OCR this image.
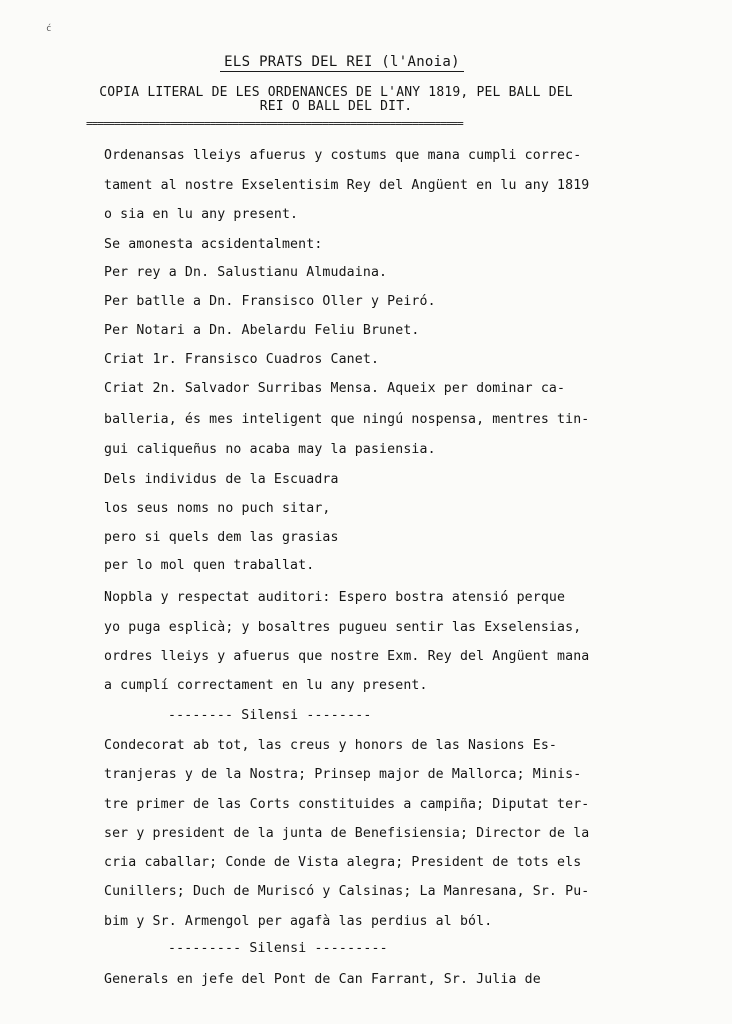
ć
ELS PRATS DEL REI (l'Anoia)
COPIA LITERAL DE LES ORDENANCES DE L'ANY 1819, PEL BALL DEL REI O BALL DEL DIT.
===================================================================
Ordenansas lleiys afuerus y costums que mana cumpli correc-
tament al nostre Exselentisim Rey del Angüent en lu any 1819
o sia en lu any present.
Se amonesta acsidentalment:
Per rey a Dn. Salustianu Almudaina.
Per batlle a Dn. Fransisco Oller y Peiró.
Per Notari a Dn. Abelardu Feliu Brunet.
Criat 1r. Fransisco Cuadros Canet.
Criat 2n. Salvador Surribas Mensa. Aqueix per dominar ca-
balleria, és mes inteligent que ningú nospensa, mentres tin-
gui caliqueñus no acaba may la pasiensia.
Dels individus de la Escuadra
los seus noms no puch sitar,
pero si quels dem las grasias
per lo mol quen traballat.
Nopbla y respectat auditori: Espero bostra atensió perque
yo puga esplicà; y bosaltres pugueu sentir las Exselensias,
ordres lleiys y afuerus que nostre Exm. Rey del Angüent mana
a cumplí correctament en lu any present.
-------- Silensi --------
Condecorat ab tot, las creus y honors de las Nasions Es-
tranjeras y de la Nostra; Prinsep major de Mallorca; Minis-
tre primer de las Corts constituides a campiña; Diputat ter-
ser y president de la junta de Benefisiensia; Director de la
cria caballar; Conde de Vista alegra; President de tots els
Cunillers; Duch de Muriscó y Calsinas; La Manresana, Sr. Pu-
bim y Sr. Armengol per agafà las perdius al ból.
--------- Silensi ---------
Generals en jefe del Pont de Can Farrant, Sr. Julia de
